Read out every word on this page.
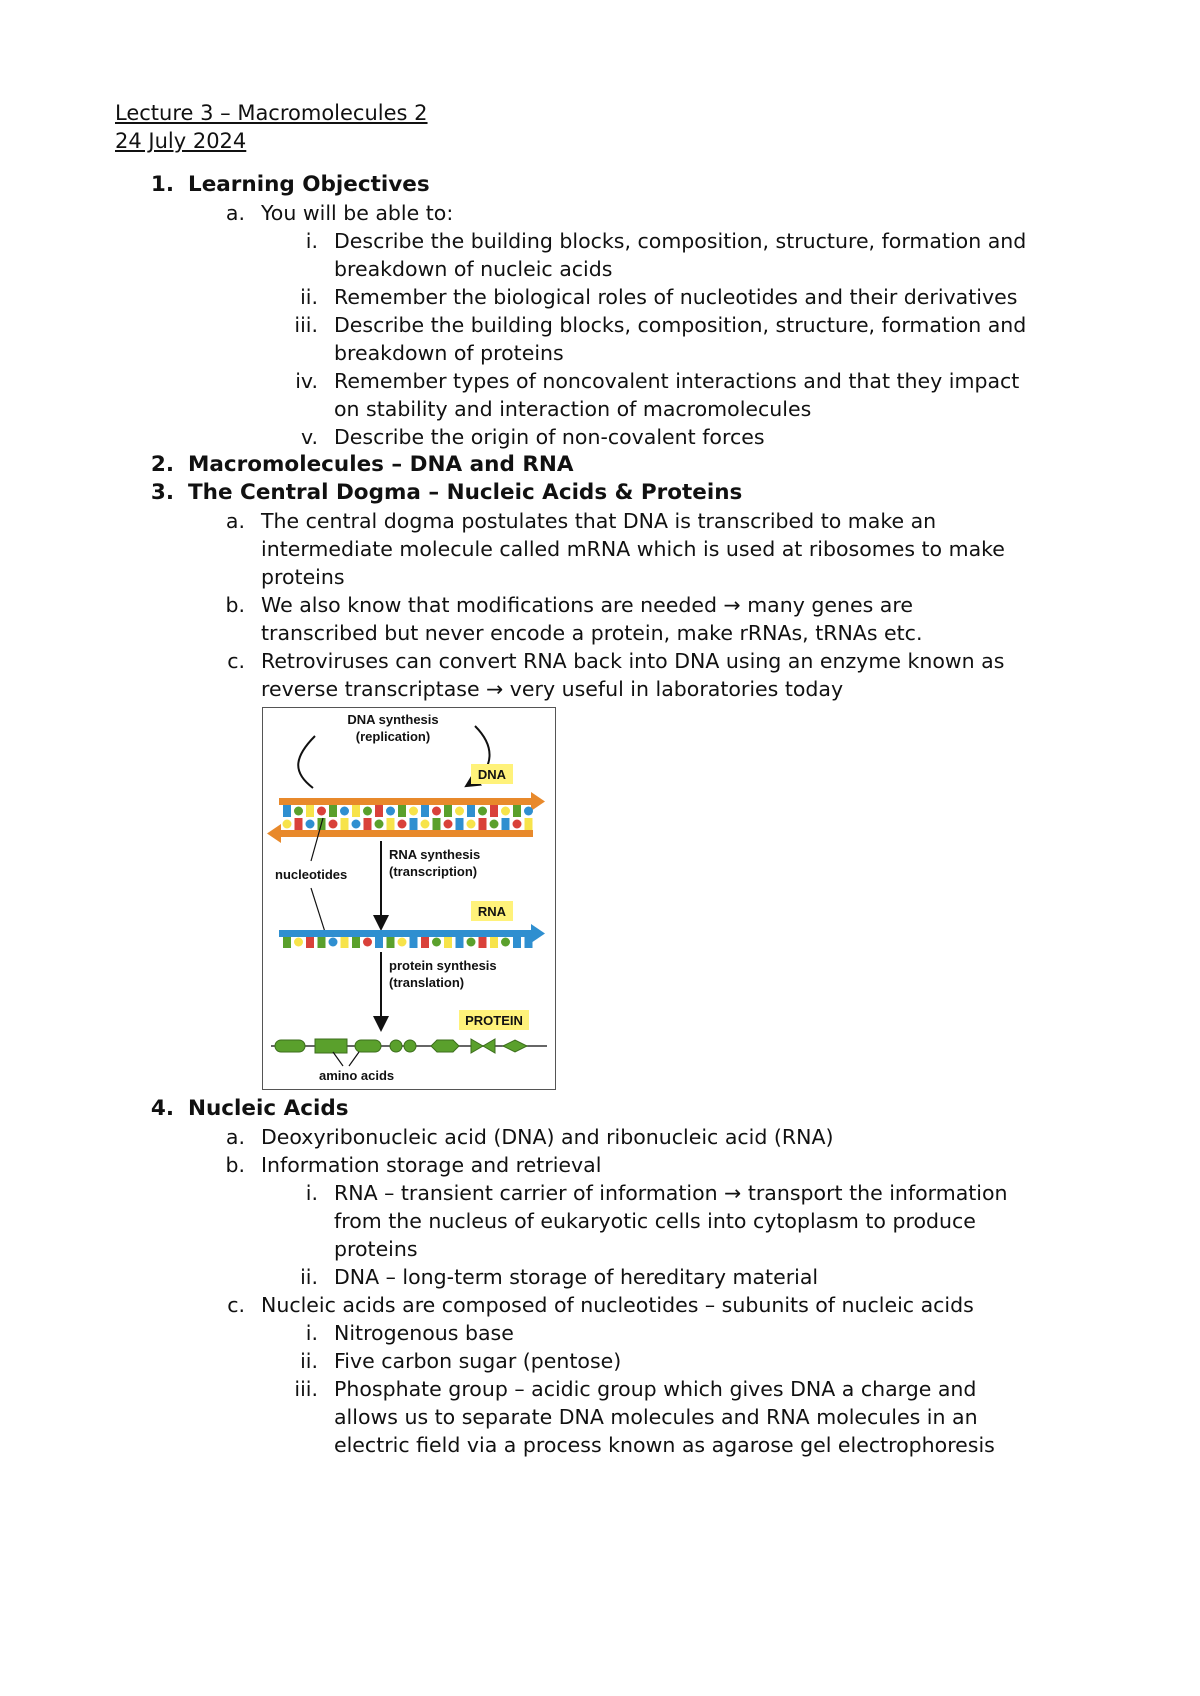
Lecture 3 – Macromolecules 2
24 July 2024
1. Learning Objectives
a. You will be able to:
i. Describe the building blocks, composition, structure, formation and
breakdown of nucleic acids
ii. Remember the biological roles of nucleotides and their derivatives
iii. Describe the building blocks, composition, structure, formation and
breakdown of proteins
iv. Remember types of noncovalent interactions and that they impact
on stability and interaction of macromolecules
v. Describe the origin of non-covalent forces
2. Macromolecules – DNA and RNA
3. The Central Dogma – Nucleic Acids & Proteins
a. The central dogma postulates that DNA is transcribed to make an
intermediate molecule called mRNA which is used at ribosomes to make
proteins
b. We also know that modifications are needed → many genes are
transcribed but never encode a protein, make rRNAs, tRNAs etc.
c. Retroviruses can convert RNA back into DNA using an enzyme known as
reverse transcriptase → very useful in laboratories today
DNA synthesis
(replication)
DNA
RNA synthesis
(transcription)
nucleotides
RNA
protein synthesis
(translation)
PROTEIN
amino acids
4. Nucleic Acids
a. Deoxyribonucleic acid (DNA) and ribonucleic acid (RNA)
b. Information storage and retrieval
i. RNA – transient carrier of information → transport the information
from the nucleus of eukaryotic cells into cytoplasm to produce
proteins
ii. DNA – long-term storage of hereditary material
c. Nucleic acids are composed of nucleotides – subunits of nucleic acids
i. Nitrogenous base
ii. Five carbon sugar (pentose)
iii. Phosphate group – acidic group which gives DNA a charge and
allows us to separate DNA molecules and RNA molecules in an
electric field via a process known as agarose gel electrophoresis
